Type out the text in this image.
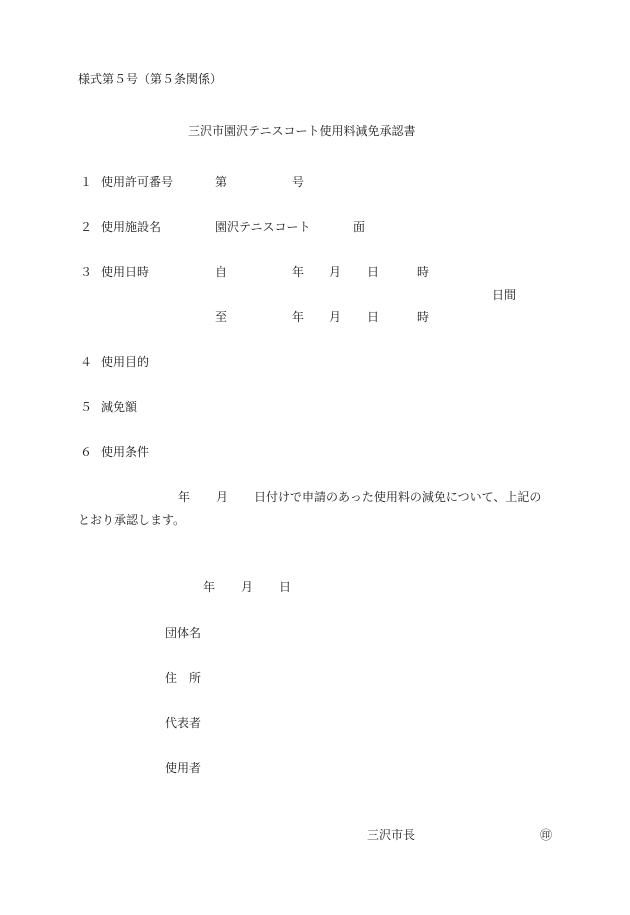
様式第５号（第５条関係）
三沢市園沢テニスコート使用料減免承認書
１ 使用許可番号	第	号
２ 使用施設名	園沢テニスコート	面
３ 使用日時	自	年 月 日	時
日間
至	年 月 日	時
４ 使用目的
５ 減免額
６ 使用条件
年 月 日付けで申請のあった使用料の減免について、上記の
とおり承認します。
年 月 日
団体名
住　所
代表者
使用者
三沢市長	㊞
